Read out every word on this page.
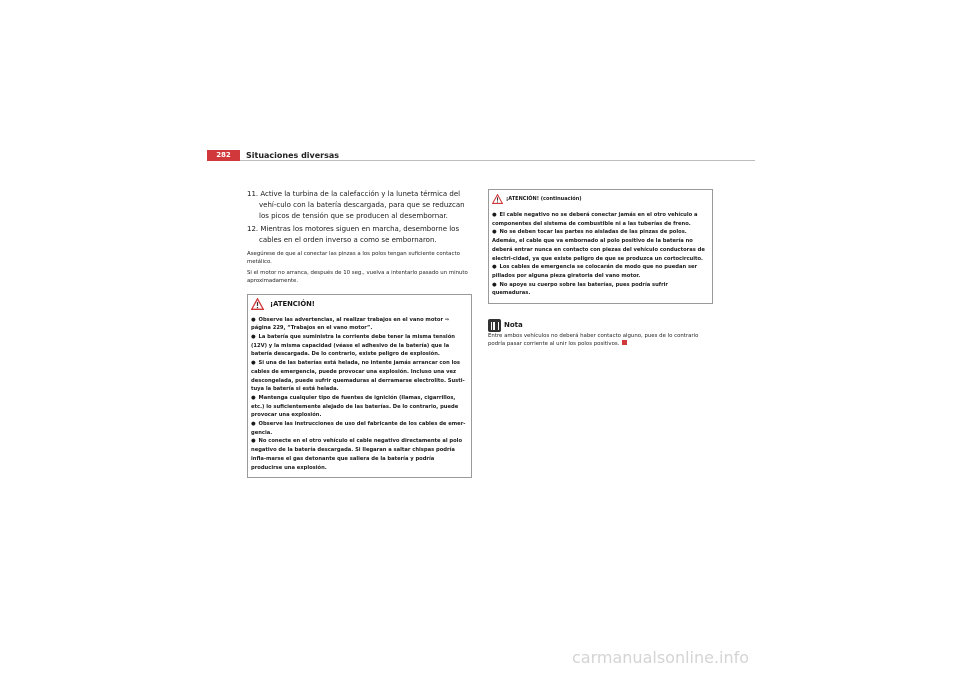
282	Situaciones diversas
11. Active la turbina de la calefacción y la luneta térmica del vehí-culo con la batería descargada, para que se reduzcan los picos de tensión que se producen al desembornar.
12. Mientras los motores siguen en marcha, desemborne los cables en el orden inverso a como se embornaron.
Asegúrese de que al conectar las pinzas a los polos tengan suficiente contacto metálico.
Si el motor no arranca, después de 10 seg., vuelva a intentarlo pasado un minuto aproximadamente.
¡ATENCIÓN!
● Observe las advertencias, al realizar trabajos en el vano motor ⇒ página 229, “Trabajos en el vano motor”.
● La batería que suministra la corriente debe tener la misma tensión (12V) y la misma capacidad (véase el adhesivo de la batería) que la batería descargada. De lo contrario, existe peligro de explosión.
● Si una de las baterías está helada, no intente jamás arrancar con los cables de emergencia, puede provocar una explosión. Incluso una vez descongelada, puede sufrir quemaduras al derramarse electrolito. Susti-tuya la batería si está helada.
● Mantenga cualquier tipo de fuentes de ignición (llamas, cigarrillos, etc.) lo suficientemente alejado de las baterías. De lo contrario, puede provocar una explosión.
● Observe las instrucciones de uso del fabricante de los cables de emer-gencia.
● No conecte en el otro vehículo el cable negativo directamente al polo negativo de la batería descargada. Si llegaran a saltar chispas podría infla-marse el gas detonante que saliera de la batería y podría producirse una explosión.
¡ATENCIÓN! (continuación)
● El cable negativo no se deberá conectar jamás en el otro vehículo a componentes del sistema de combustible ni a las tuberías de freno.
● No se deben tocar las partes no aisladas de las pinzas de polos. Además, el cable que va embornado al polo positivo de la batería no deberá entrar nunca en contacto con piezas del vehículo conductoras de electri-cidad, ya que existe peligro de que se produzca un cortocircuito.
● Los cables de emergencia se colocarán de modo que no puedan ser pillados por alguna pieza giratoria del vano motor.
● No apoye su cuerpo sobre las baterías, pues podría sufrir quemaduras.
Nota
Entre ambos vehículos no deberá haber contacto alguno, pues de lo contrario podría pasar corriente al unir los polos positivos.
carmanualsonline.info
